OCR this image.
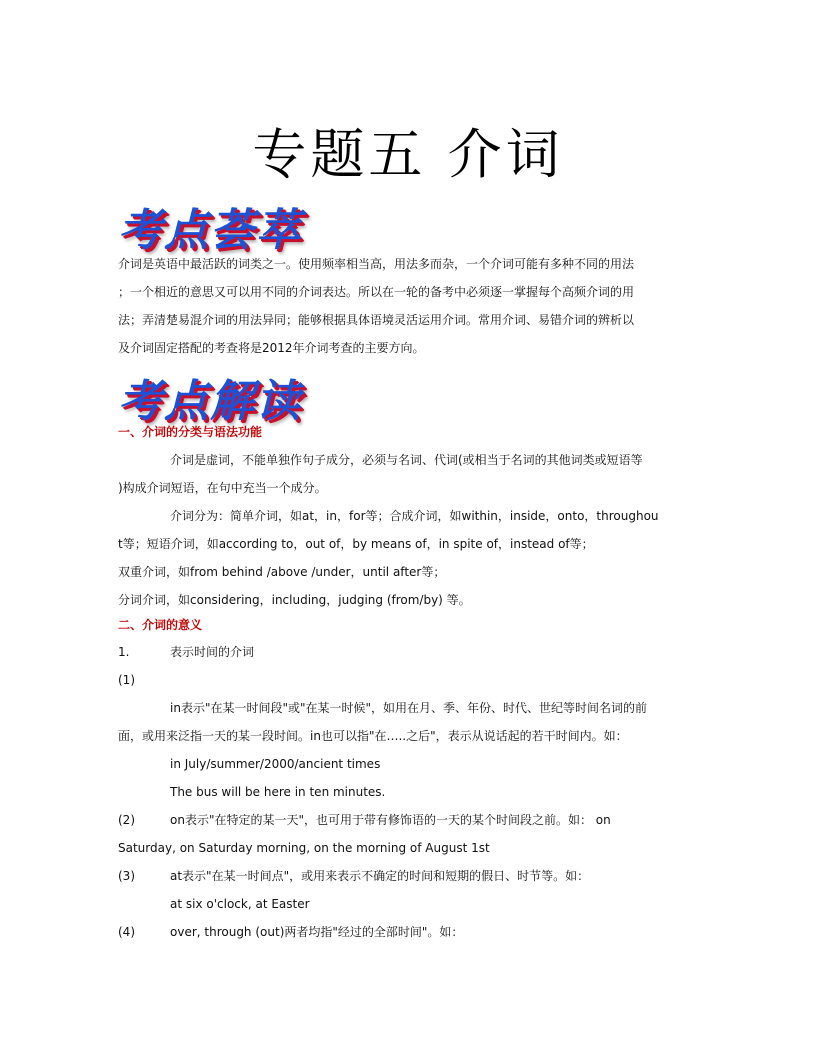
专题五 介词
考点荟萃
介词是英语中最活跃的词类之一。使用频率相当高，用法多而杂，一个介词可能有多种不同的用法
；一个相近的意思又可以用不同的介词表达。所以在一轮的备考中必须逐一掌握每个高频介词的用
法；弄清楚易混介词的用法异同；能够根据具体语境灵活运用介词。常用介词、易错介词的辨析以
及介词固定搭配的考查将是2012年介词考查的主要方向。
考点解读
一、介词的分类与语法功能
介词是虚词，不能单独作句子成分，必须与名词、代词(或相当于名词的其他词类或短语等
)构成介词短语，在句中充当一个成分。
介词分为：简单介词，如at，in，for等；合成介词，如within，inside，onto，throughou
t等；短语介词，如according to，out of，by means of，in spite of，instead of等；
双重介词，如from behind /above /under，until after等；
分词介词，如considering，including，judging (from/by) 等。
二、介词的意义
1.	表示时间的介词
(1)
in表示"在某一时间段"或"在某一时候"，如用在月、季、年份、时代、世纪等时间名词的前
面，或用来泛指一天的某一段时间。in也可以指"在…..之后"，表示从说话起的若干时间内。如：
in July/summer/2000/ancient times
The bus will be here in ten minutes.
(2)	on表示"在特定的某一天"，也可用于带有修饰语的一天的某个时间段之前。如： on
Saturday, on Saturday morning, on the morning of August 1st
(3)	at表示"在某一时间点"，或用来表示不确定的时间和短期的假日、时节等。如：
at six o'clock, at Easter
(4)	over, through (out)两者均指"经过的全部时间"。如：
